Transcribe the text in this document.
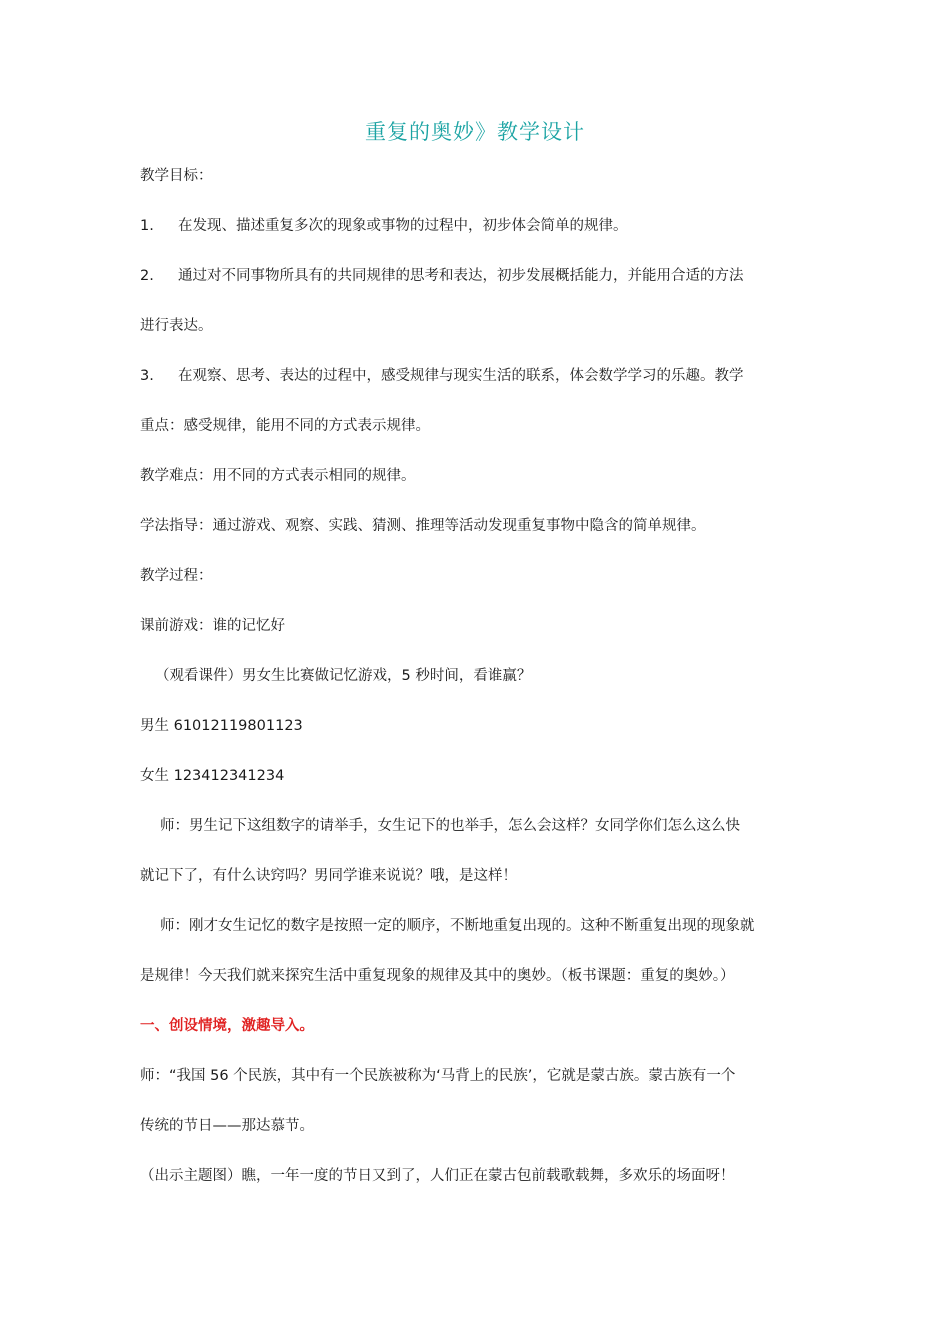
重复的奥妙》教学设计
教学目标：
1. 在发现、描述重复多次的现象或事物的过程中，初步体会简单的规律。
2. 通过对不同事物所具有的共同规律的思考和表达，初步发展概括能力，并能用合适的方法
进行表达。
3. 在观察、思考、表达的过程中，感受规律与现实生活的联系，体会数学学习的乐趣。教学
重点：感受规律，能用不同的方式表示规律。
教学难点：用不同的方式表示相同的规律。
学法指导：通过游戏、观察、实践、猜测、推理等活动发现重复事物中隐含的简单规律。
教学过程：
课前游戏：谁的记忆好
（观看课件）男女生比赛做记忆游戏，5 秒时间，看谁赢？
男生 61012119801123
女生 123412341234
师：男生记下这组数字的请举手，女生记下的也举手，怎么会这样？女同学你们怎么这么快
就记下了，有什么诀窍吗？男同学谁来说说？哦，是这样！
师：刚才女生记忆的数字是按照一定的顺序，不断地重复出现的。这种不断重复出现的现象就
是规律！今天我们就来探究生活中重复现象的规律及其中的奥妙。（板书课题：重复的奥妙。）
一、创设情境，激趣导入。
师：“我国 56 个民族，其中有一个民族被称为‘马背上的民族’，它就是蒙古族。蒙古族有一个
传统的节日——那达慕节。
（出示主题图）瞧，一年一度的节日又到了，人们正在蒙古包前载歌载舞，多欢乐的场面呀！
